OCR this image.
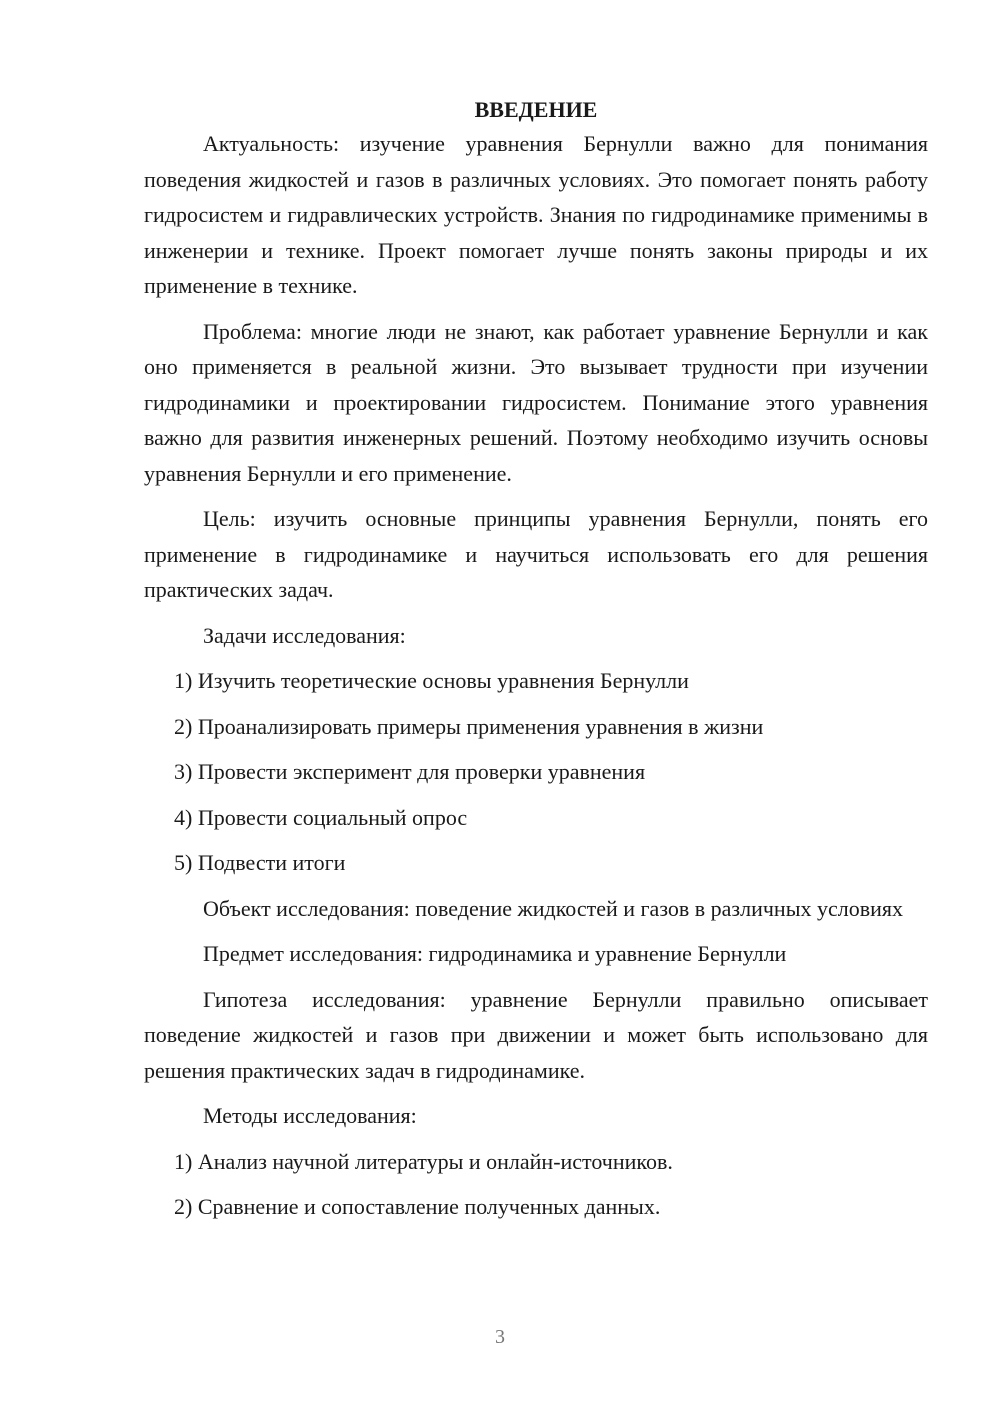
ВВЕДЕНИЕ

Актуальность: изучение уравнения Бернулли важно для понимания поведения жидкостей и газов в различных условиях. Это помогает понять работу гидросистем и гидравлических устройств. Знания по гидродинамике применимы в инженерии и технике. Проект помогает лучше понять законы природы и их применение в технике.

Проблема: многие люди не знают, как работает уравнение Бернулли и как оно применяется в реальной жизни. Это вызывает трудности при изучении гидродинамики и проектировании гидросистем. Понимание этого уравнения важно для развития инженерных решений. Поэтому необходимо изучить основы уравнения Бернулли и его применение.

Цель: изучить основные принципы уравнения Бернулли, понять его применение в гидродинамике и научиться использовать его для решения практических задач.

Задачи исследования:
1) Изучить теоретические основы уравнения Бернулли
2) Проанализировать примеры применения уравнения в жизни
3) Провести эксперимент для проверки уравнения
4) Провести социальный опрос
5) Подвести итоги

Объект исследования: поведение жидкостей и газов в различных условиях

Предмет исследования: гидродинамика и уравнение Бернулли

Гипотеза исследования: уравнение Бернулли правильно описывает поведение жидкостей и газов при движении и может быть использовано для решения практических задач в гидродинамике.

Методы исследования:
1) Анализ научной литературы и онлайн-источников.
2) Сравнение и сопоставление полученных данных.
3
